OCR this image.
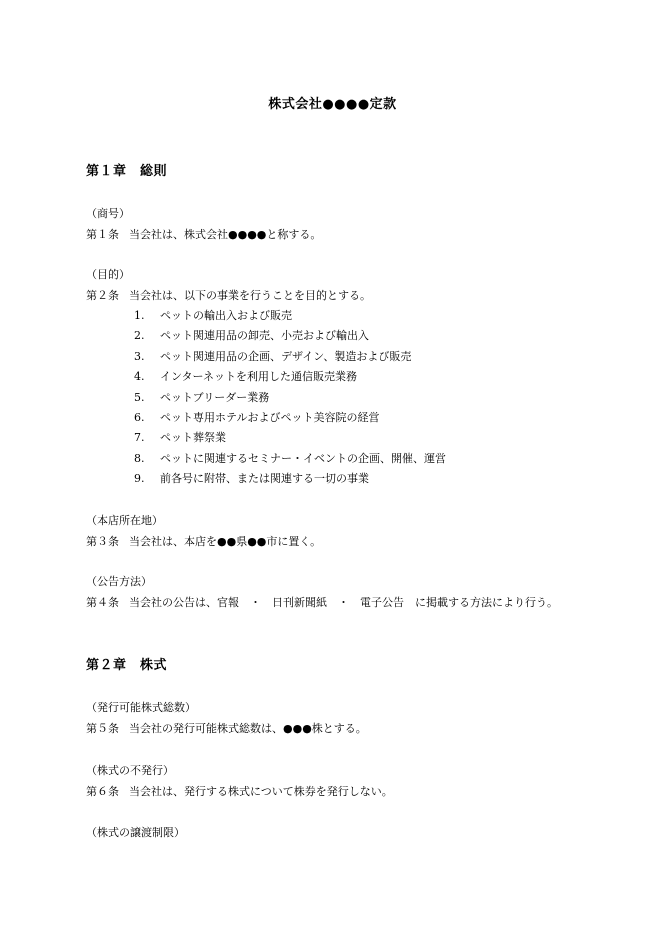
株式会社●●●●定款
第１章　総則
（商号）
第１条 当会社は、株式会社●●●●と称する。
（目的）
第２条 当会社は、以下の事業を行うことを目的とする。
1. ペットの輸出入および販売
2. ペット関連用品の卸売、小売および輸出入
3. ペット関連用品の企画、デザイン、製造および販売
4. インターネットを利用した通信販売業務
5. ペットブリーダー業務
6. ペット専用ホテルおよびペット美容院の経営
7. ペット葬祭業
8. ペットに関連するセミナー・イベントの企画、開催、運営
9. 前各号に附帯、または関連する一切の事業
（本店所在地）
第３条 当会社は、本店を●●県●●市に置く。
（公告方法）
第４条 当会社の公告は、官報　・　日刊新聞紙　・　電子公告　に掲載する方法により行う。
第２章　株式
（発行可能株式総数）
第５条 当会社の発行可能株式総数は、●●●株とする。
（株式の不発行）
第６条 当会社は、発行する株式について株券を発行しない。
（株式の譲渡制限）
